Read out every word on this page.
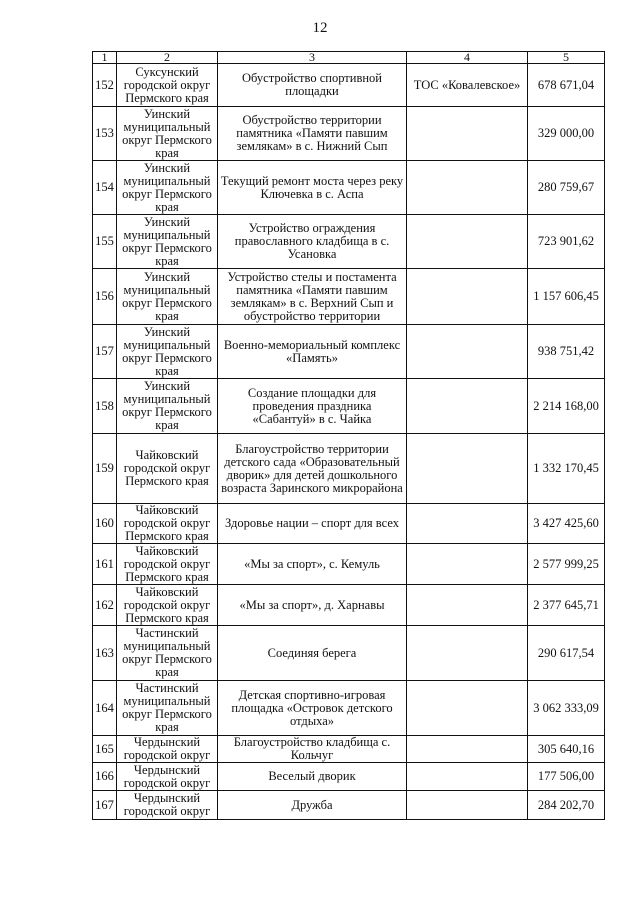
12
1	2	3	4	5
152	Суксунский городской округ Пермского края	Обустройство спортивной площадки	ТОС «Ковалевское»	678 671,04
153	Уинский муниципальный округ Пермского края	Обустройство территории памятника «Памяти павшим землякам» в с. Нижний Сып		329 000,00
154	Уинский муниципальный округ Пермского края	Текущий ремонт моста через реку Ключевка в с. Аспа		280 759,67
155	Уинский муниципальный округ Пермского края	Устройство ограждения православного кладбища в с. Усановка		723 901,62
156	Уинский муниципальный округ Пермского края	Устройство стелы и постамента памятника «Памяти павшим землякам» в с. Верхний Сып и обустройство территории		1 157 606,45
157	Уинский муниципальный округ Пермского края	Военно-мемориальный комплекс «Память»		938 751,42
158	Уинский муниципальный округ Пермского края	Создание площадки для проведения праздника «Сабантуй» в с. Чайка		2 214 168,00
159	Чайковский городской округ Пермского края	Благоустройство территории детского сада «Образовательный дворик» для детей дошкольного возраста Заринского микрорайона		1 332 170,45
160	Чайковский городской округ Пермского края	Здоровье нации – спорт для всех		3 427 425,60
161	Чайковский городской округ Пермского края	«Мы за спорт», с. Кемуль		2 577 999,25
162	Чайковский городской округ Пермского края	«Мы за спорт», д. Харнавы		2 377 645,71
163	Частинский муниципальный округ Пермского края	Соединяя берега		290 617,54
164	Частинский муниципальный округ Пермского края	Детская спортивно-игровая площадка «Островок детского отдыха»		3 062 333,09
165	Чердынский городской округ	Благоустройство кладбища с. Кольчуг		305 640,16
166	Чердынский городской округ	Веселый дворик		177 506,00
167	Чердынский городской округ	Дружба		284 202,70
